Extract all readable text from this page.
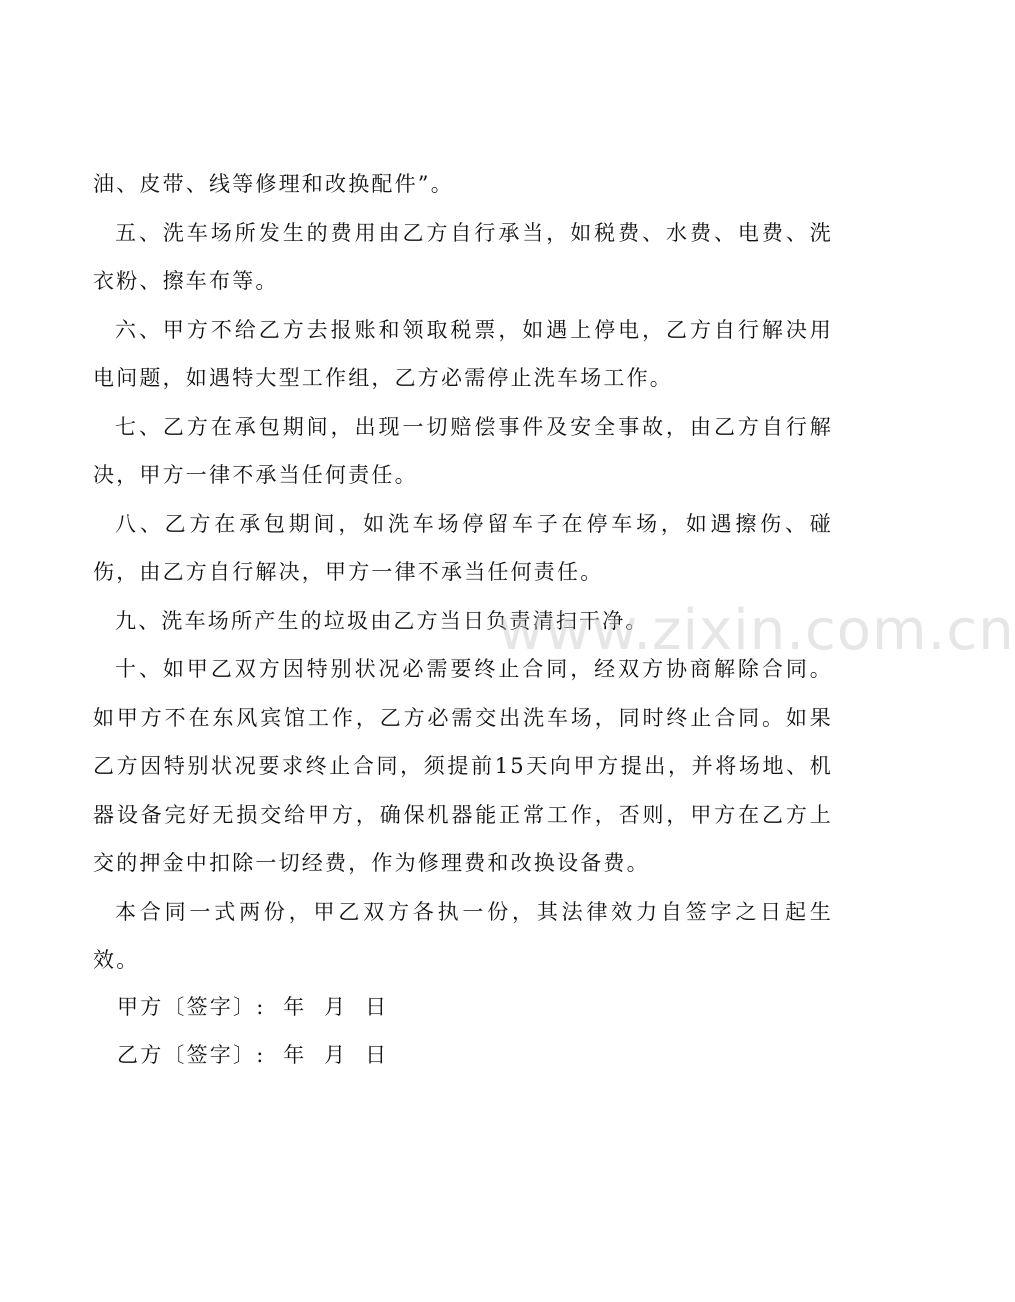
油、皮带、线等修理和改换配件”。

五、洗车场所发生的费用由乙方自行承当，如税费、水费、电费、洗衣粉、擦车布等。

六、甲方不给乙方去报账和领取税票，如遇上停电，乙方自行解决用电问题，如遇特大型工作组，乙方必需停止洗车场工作。

七、乙方在承包期间，出现一切赔偿事件及安全事故，由乙方自行解决，甲方一律不承当任何责任。

八、乙方在承包期间，如洗车场停留车子在停车场，如遇擦伤、碰伤，由乙方自行解决，甲方一律不承当任何责任。

九、洗车场所产生的垃圾由乙方当日负责清扫干净。

十、如甲乙双方因特别状况必需要终止合同，经双方协商解除合同。如甲方不在东风宾馆工作，乙方必需交出洗车场，同时终止合同。如果乙方因特别状况要求终止合同，须提前15天向甲方提出，并将场地、机器设备完好无损交给甲方，确保机器能正常工作，否则，甲方在乙方上交的押金中扣除一切经费，作为修理费和改换设备费。

本合同一式两份，甲乙双方各执一份，其法律效力自签字之日起生效。

甲方〔签字〕:  年  月  日
乙方〔签字〕:  年  月  日
www.zixin.com.cn
